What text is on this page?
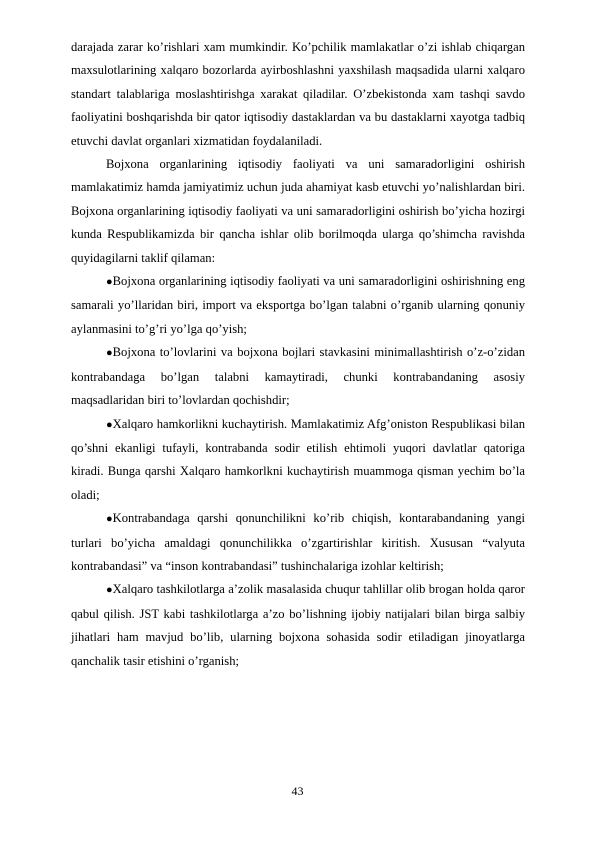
darajada zarar ko’rishlari xam mumkindir. Ko’pchilik mamlakatlar o’zi ishlab chiqargan maxsulotlarining xalqaro bozorlarda ayirboshlashni yaxshilash maqsadida ularni xalqaro standart talablariga moslashtirishga xarakat qiladilar. O’zbekistonda xam tashqi savdo faoliyatini boshqarishda bir qator iqtisodiy dastaklardan va bu dastaklarni xayotga tadbiq etuvchi davlat organlari xizmatidan foydalaniladi.

Bojxona organlarining iqtisodiy faoliyati va uni samaradorligini oshirish mamlakatimiz hamda jamiyatimiz uchun juda ahamiyat kasb etuvchi yo’nalishlardan biri. Bojxona organlarining iqtisodiy faoliyati va uni samaradorligini oshirish bo’yicha hozirgi kunda Respublikamizda bir qancha ishlar olib borilmoqda ularga qo’shimcha ravishda quyidagilarni taklif qilaman:

●Bojxona organlarining iqtisodiy faoliyati va uni samaradorligini oshirishning eng samarali yo’llaridan biri, import va eksportga bo’lgan talabni o’rganib ularning qonuniy aylanmasini to’g’ri yo’lga qo’yish;

●Bojxona to’lovlarini va bojxona bojlari stavkasini minimallashtirish o’z-o’zidan kontrabandaga bo’lgan talabni kamaytiradi, chunki kontrabandaning asosiy maqsadlaridan biri to’lovlardan qochishdir;

●Xalqaro hamkorlikni kuchaytirish. Mamlakatimiz Afg’oniston Respublikasi bilan qo’shni ekanligi tufayli, kontrabanda sodir etilish ehtimoli yuqori davlatlar qatoriga kiradi. Bunga qarshi Xalqaro hamkorlkni kuchaytirish muammoga qisman yechim bo’la oladi;

●Kontrabandaga qarshi qonunchilikni ko’rib chiqish, kontarabandaning yangi turlari bo’yicha amaldagi qonunchilikka o’zgartirishlar kiritish. Xususan “valyuta kontrabandasi” va “inson kontrabandasi” tushinchalariga izohlar keltirish;

●Xalqaro tashkilotlarga a’zolik masalasida chuqur tahlillar olib brogan holda qaror qabul qilish. JST kabi tashkilotlarga a’zo bo’lishning ijobiy natijalari bilan birga salbiy jihatlari ham mavjud bo’lib, ularning bojxona sohasida sodir etiladigan jinoyatlarga qanchalik tasir etishini o’rganish;

43
